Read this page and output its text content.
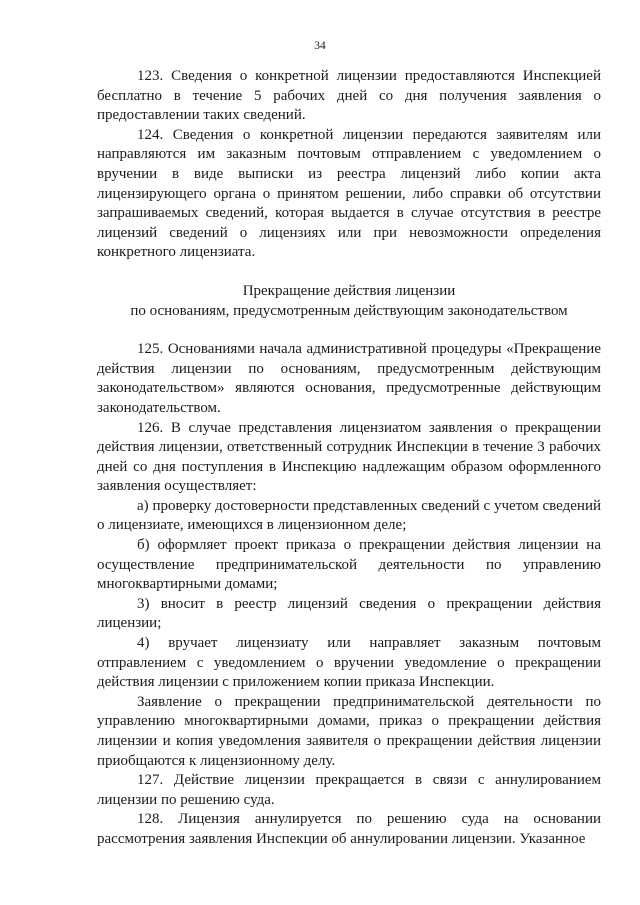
34

123. Сведения о конкретной лицензии предоставляются Инспекцией бесплатно в течение 5 рабочих дней со дня получения заявления о предоставлении таких сведений.

124. Сведения о конкретной лицензии передаются заявителям или направляются им заказным почтовым отправлением с уведомлением о вручении в виде выписки из реестра лицензий либо копии акта лицензирующего органа о принятом решении, либо справки об отсутствии запрашиваемых сведений, которая выдается в случае отсутствия в реестре лицензий сведений о лицензиях или при невозможности определения конкретного лицензиата.

Прекращение действия лицензии
по основаниям, предусмотренным действующим законодательством

125. Основаниями начала административной процедуры «Прекращение действия лицензии по основаниям, предусмотренным действующим законодательством» являются основания, предусмотренные действующим законодательством.

126. В случае представления лицензиатом заявления о прекращении действия лицензии, ответственный сотрудник Инспекции в течение 3 рабочих дней со дня поступления в Инспекцию надлежащим образом оформленного заявления осуществляет:

а) проверку достоверности представленных сведений с учетом сведений о лицензиате, имеющихся в лицензионном деле;

б) оформляет проект приказа о прекращении действия лицензии на осуществление предпринимательской деятельности по управлению многоквартирными домами;

3) вносит в реестр лицензий сведения о прекращении действия лицензии;

4) вручает лицензиату или направляет заказным почтовым отправлением с уведомлением о вручении уведомление о прекращении действия лицензии с приложением копии приказа Инспекции.

Заявление о прекращении предпринимательской деятельности по управлению многоквартирными домами, приказ о прекращении действия лицензии и копия уведомления заявителя о прекращении действия лицензии приобщаются к лицензионному делу.

127. Действие лицензии прекращается в связи с аннулированием лицензии по решению суда.

128. Лицензия аннулируется по решению суда на основании рассмотрения заявления Инспекции об аннулировании лицензии. Указанное
